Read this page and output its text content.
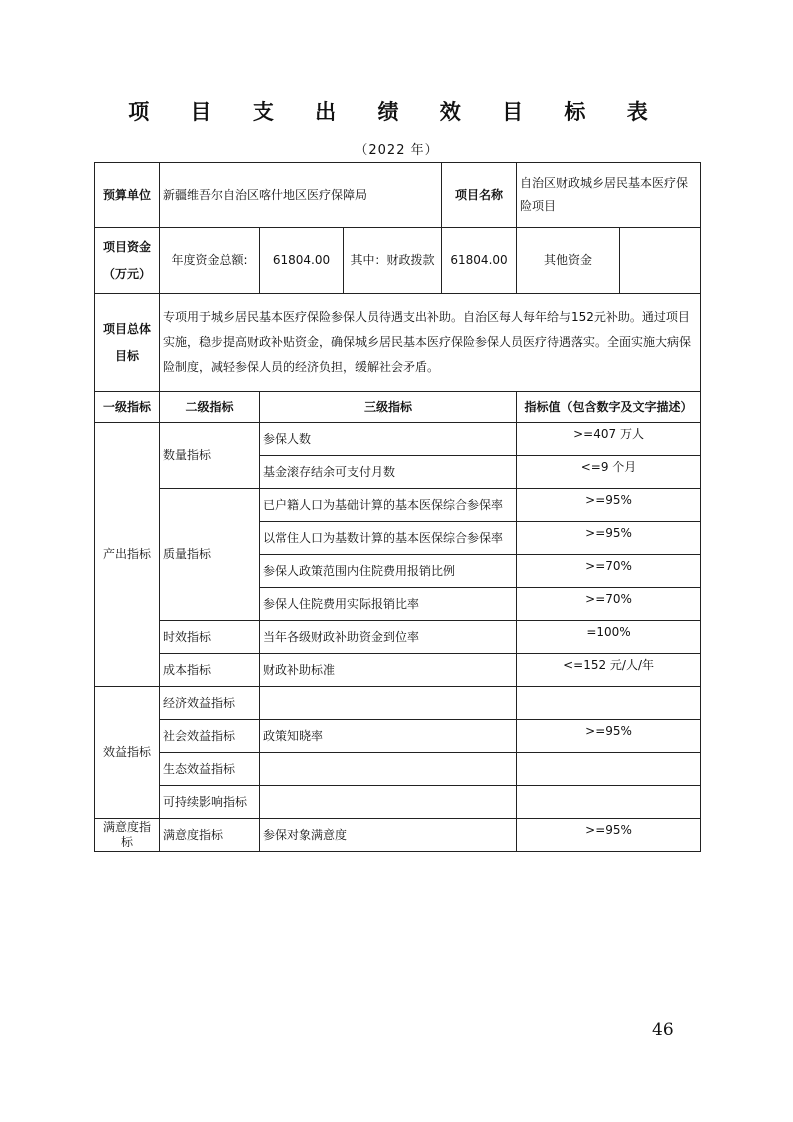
项 目 支 出 绩 效 目 标 表
（2022 年）
预算单位	新疆维吾尔自治区喀什地区医疗保障局			项目名称	自治区财政城乡居民基本医疗保险项目	
项目资金（万元）	年度资金总额:	61804.00	其中：财政拨款	61804.00	其他资金	
项目总体目标	专项用于城乡居民基本医疗保险参保人员待遇支出补助。自治区每人每年给与152元补助。通过项目实施，稳步提高财政补贴资金，确保城乡居民基本医疗保险参保人员医疗待遇落实。全面实施大病保险制度，减轻参保人员的经济负担，缓解社会矛盾。					
一级指标	二级指标	三级指标			指标值（包含数字及文字描述）	
产出指标	数量指标	参保人数			>=407 万人	
		基金滚存结余可支付月数			<=9 个月	
	质量指标	已户籍人口为基础计算的基本医保综合参保率			>=95%	
		以常住人口为基数计算的基本医保综合参保率			>=95%	
		参保人政策范围内住院费用报销比例			>=70%	
		参保人住院费用实际报销比率			>=70%	
	时效指标	当年各级财政补助资金到位率			=100%	
	成本指标	财政补助标准			<=152 元/人/年	
效益指标	经济效益指标					
	社会效益指标	政策知晓率			>=95%	
	生态效益指标					
	可持续影响指标					
满意度指标	满意度指标	参保对象满意度			>=95%	
46
